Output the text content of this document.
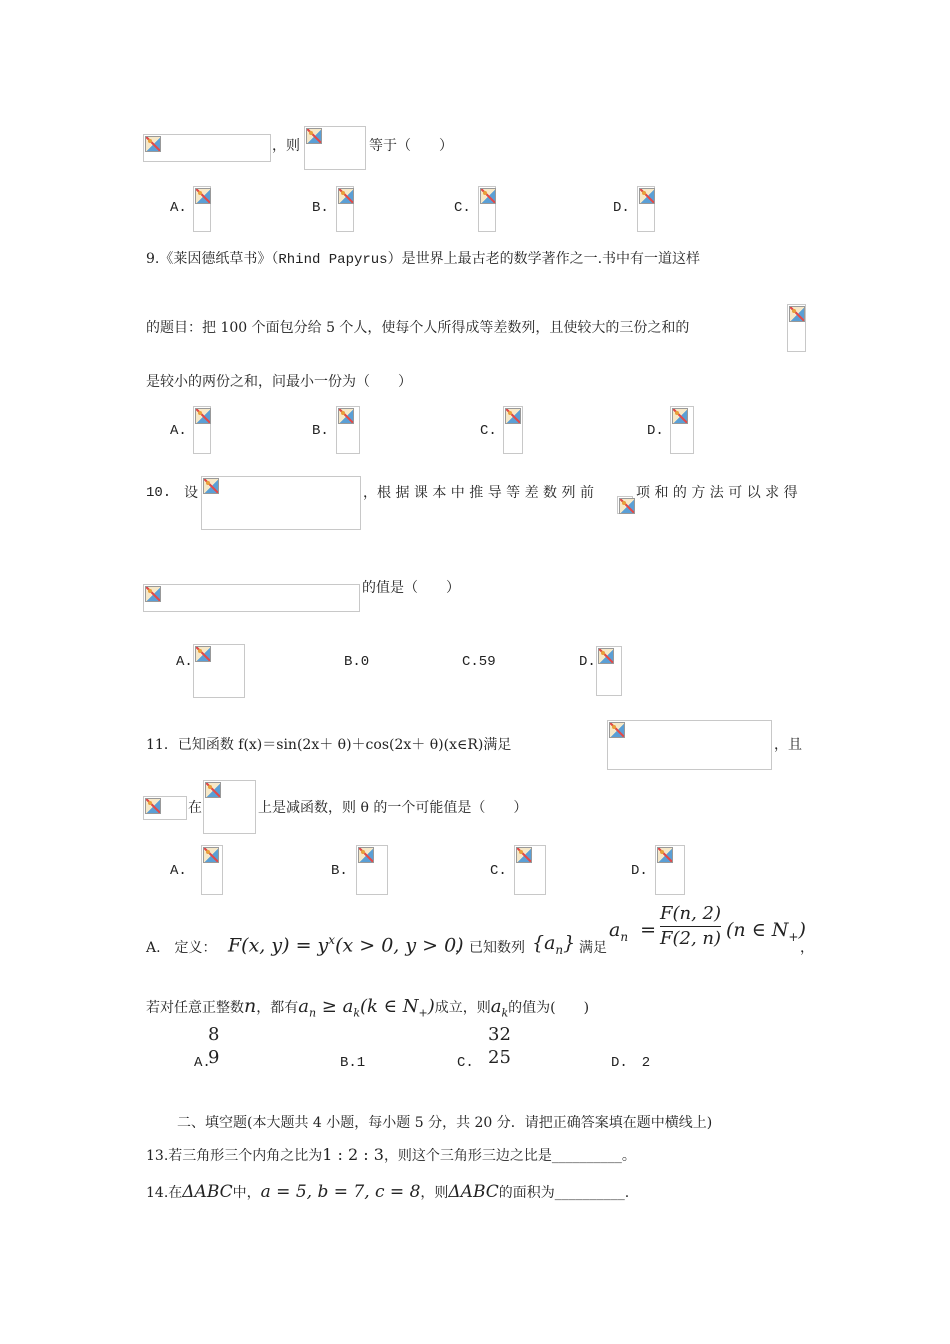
，则	等于（　　）
A.	B.	C.	D.
9.《莱因德纸草书》（Rhind Papyrus）是世界上最古老的数学著作之一.书中有一道这样
的题目：把 100 个面包分给 5 个人，使每个人所得成等差数列，且使较大的三份之和的
是较小的两份之和，问最小一份为（　　）
A.	B.	C.	D.
10. 设	，根 据 课 本 中 推 导 等 差 数 列 前	项 和 的 方 法 可 以 求 得
的值是（　　）
A.	B.0	C.59	D.
11．已知函数 f(x)＝sin(2x＋ θ)＋cos(2x＋ θ)(x∈R)满足	，且
在	上是减函数，则 θ 的一个可能值是（　　）
A.	B.	C.	D.
A.　定义： F(x, $y) = y^x(x > 0$, y > 0)
，已知数列 $\{a_n\}$ 满足
$a_n = \frac{F(n, 2)}{F(2, n)} (n$ ∈ $N_+$)
，
若对任意正整数n，都有$a_n \ge a_k(k$ ∈ $N_+$)成立，则$a_k$的值为(　　)
A.
8
9	B.1	C.
32
25	D.　2
二、填空题(本大题共 4 小题，每小题 5 分，共 20 分．请把正确答案填在题中横线上)
13.若三角形三个内角之比为1 : 2 : 3，则这个三角形三边之比是__________。
14.在ΔABC中，a = 5, b = 7, c = 8，则ΔABC的面积为__________.
